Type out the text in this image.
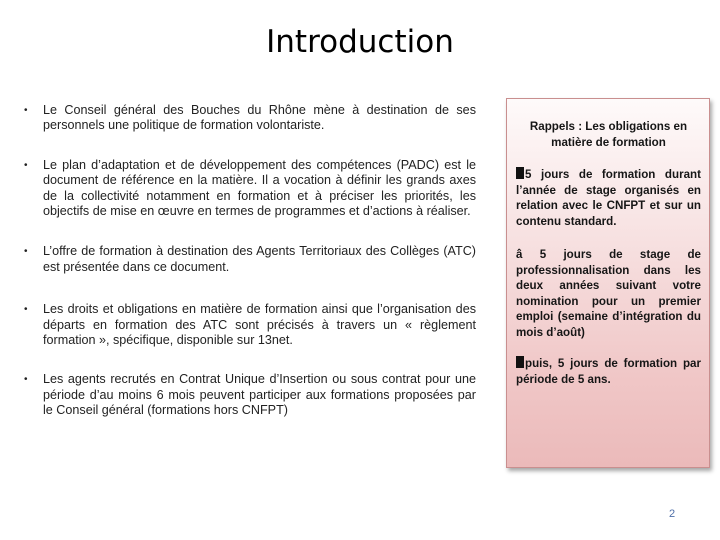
Introduction
• Le Conseil général des Bouches du Rhône mène à destination de ses personnels une politique de formation volontariste.
• Le plan d’adaptation et de développement des compétences (PADC) est le document de référence en la matière. Il a vocation à définir les grands axes de la collectivité notamment en formation et à préciser les priorités, les objectifs de mise en œuvre en termes de programmes et d’actions à réaliser.
• L’offre de formation à destination des Agents Territoriaux des Collèges (ATC) est présentée dans ce document.
• Les droits et obligations en matière de formation ainsi que l’organisation des départs en formation des ATC sont précisés à travers un « règlement formation », spécifique, disponible sur 13net.
• Les agents recrutés en Contrat Unique d’Insertion ou sous contrat pour une période d’au moins 6 mois peuvent participer aux formations proposées par le Conseil général (formations hors CNFPT)
Rappels : Les obligations en matière de formation
5 jours de formation durant l’année de stage organisés en relation avec le CNFPT et sur un contenu standard.
â 5 jours de stage de professionnalisation dans les deux années suivant votre nomination pour un premier emploi (semaine d’intégration du mois d’août)
puis, 5 jours de formation par période de 5 ans.
2
